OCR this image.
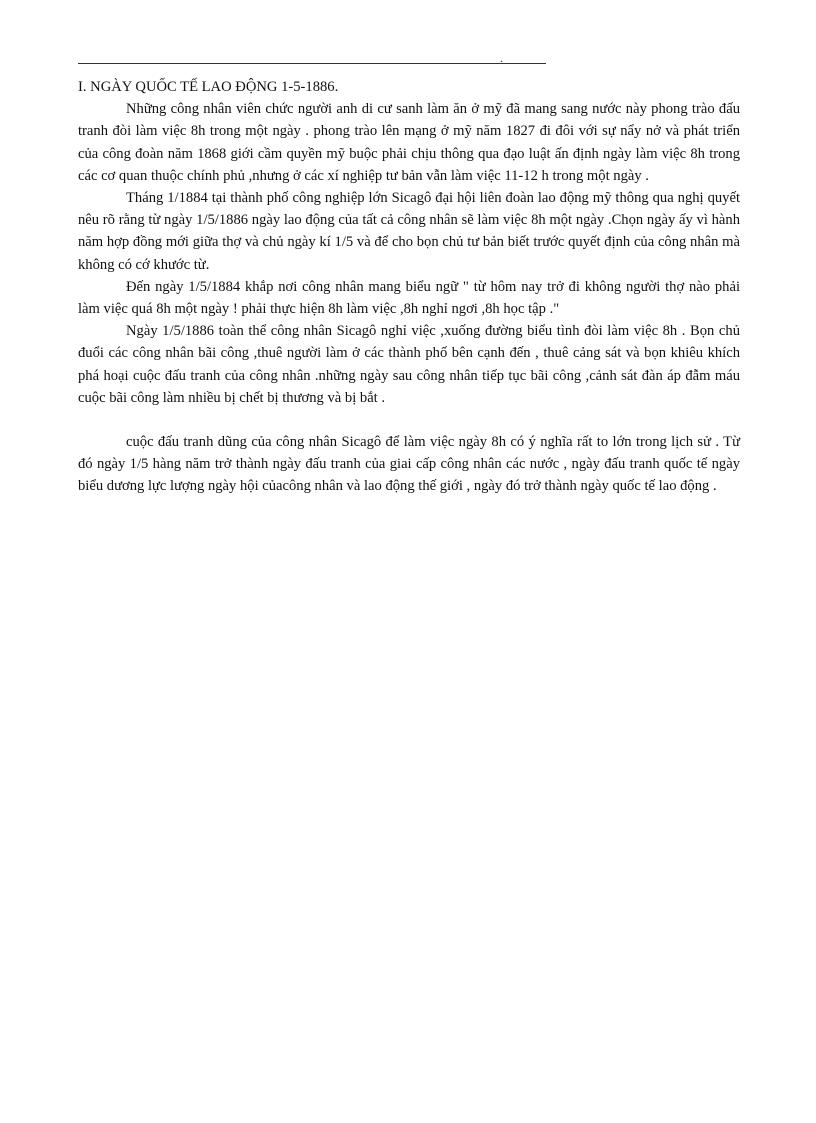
.
I. NGÀY QUỐC TẾ LAO ĐỘNG 1-5-1886.

Những công nhân viên chức người anh di cư sanh làm ăn ở mỹ đã mang sang nước này phong trào đấu tranh đòi làm việc 8h trong một ngày . phong trào lên mạng ở mỹ năm 1827 đi đôi với sự nẩy nở và phát triển của công đoàn năm 1868 giới cầm quyền mỹ buộc phải chịu thông qua đạo luật ấn định ngày làm việc 8h trong các cơ quan thuộc chính phủ ,nhưng ở các xí nghiệp tư bản vẫn làm việc 11-12 h trong một ngày .

Tháng 1/1884 tại thành phố công nghiệp lớn Sicagô đại hội liên đoàn lao động mỹ thông qua nghị quyết nêu rõ rằng từ ngày 1/5/1886 ngày lao động của tất cả công nhân sẽ làm việc 8h một ngày .Chọn ngày ấy vì hành năm hợp đồng mới giữa thợ và chủ ngày kí 1/5 và để cho bọn chủ tư bản biết trước quyết định của công nhân mà không có cớ khước từ.

Đến ngày 1/5/1884 khắp nơi công nhân mang biểu ngữ " từ hôm nay trở đi không người thợ nào phải làm việc quá 8h một ngày ! phải thực hiện 8h làm việc ,8h nghỉ ngơi ,8h học tập ."

Ngày 1/5/1886 toàn thể công nhân Sicagô nghỉ việc ,xuống đường biểu tình đòi làm việc 8h . Bọn chủ đuổi các công nhân bãi công ,thuê người làm ở các thành phố bên cạnh đến , thuê cảng sát và bọn khiêu khích phá hoại cuộc đấu tranh của công nhân .những ngày sau công nhân tiếp tục bãi công ,cảnh sát đàn áp đẫm máu cuộc bãi công làm nhiều bị chết bị thương và bị bắt .

cuộc đấu tranh dũng của công nhân Sicagô để làm việc ngày 8h có ý nghĩa rất to lớn trong lịch sử . Từ đó ngày 1/5 hàng năm trở thành ngày đấu tranh của giai cấp công nhân các nước , ngày đấu tranh quốc tế ngày biểu dương lực lượng ngày hội củacông nhân và lao động thế giới , ngày đó trở thành ngày quốc tế lao động .
